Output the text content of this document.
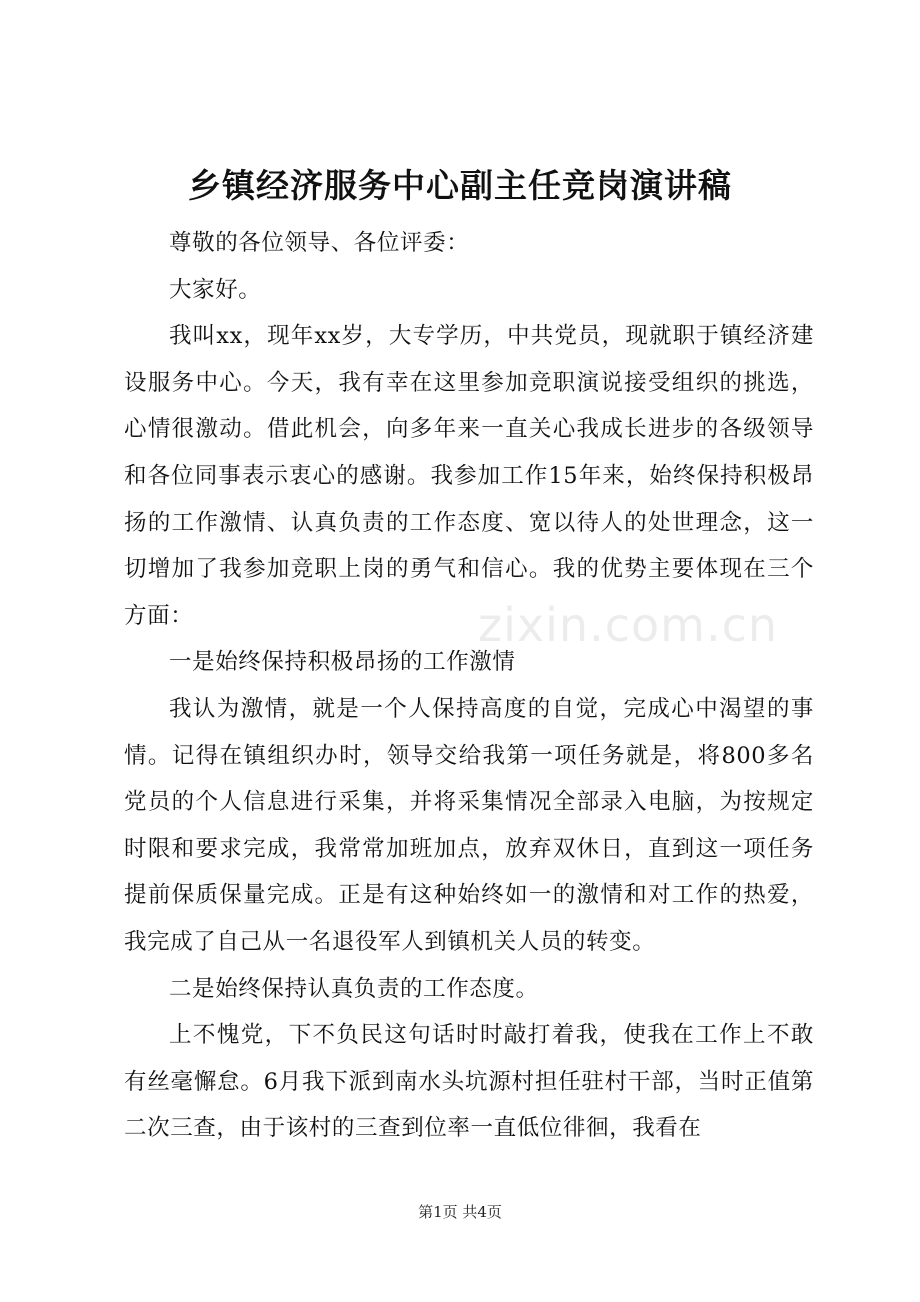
乡镇经济服务中心副主任竞岗演讲稿

尊敬的各位领导、各位评委：

大家好。

我叫xx，现年xx岁，大专学历，中共党员，现就职于镇经济建设服务中心。今天，我有幸在这里参加竞职演说接受组织的挑选，心情很激动。借此机会，向多年来一直关心我成长进步的各级领导和各位同事表示衷心的感谢。我参加工作15年来，始终保持积极昂扬的工作激情、认真负责的工作态度、宽以待人的处世理念，这一切增加了我参加竞职上岗的勇气和信心。我的优势主要体现在三个方面：

一是始终保持积极昂扬的工作激情

我认为激情，就是一个人保持高度的自觉，完成心中渴望的事情。记得在镇组织办时，领导交给我第一项任务就是，将800多名党员的个人信息进行采集，并将采集情况全部录入电脑，为按规定时限和要求完成，我常常加班加点，放弃双休日，直到这一项任务提前保质保量完成。正是有这种始终如一的激情和对工作的热爱，我完成了自己从一名退役军人到镇机关人员的转变。

二是始终保持认真负责的工作态度。

上不愧党，下不负民这句话时时敲打着我，使我在工作上不敢有丝毫懈怠。6月我下派到南水头坑源村担任驻村干部，当时正值第二次三查，由于该村的三查到位率一直低位徘徊，我看在

zixin.com.cn
第1页 共4页
